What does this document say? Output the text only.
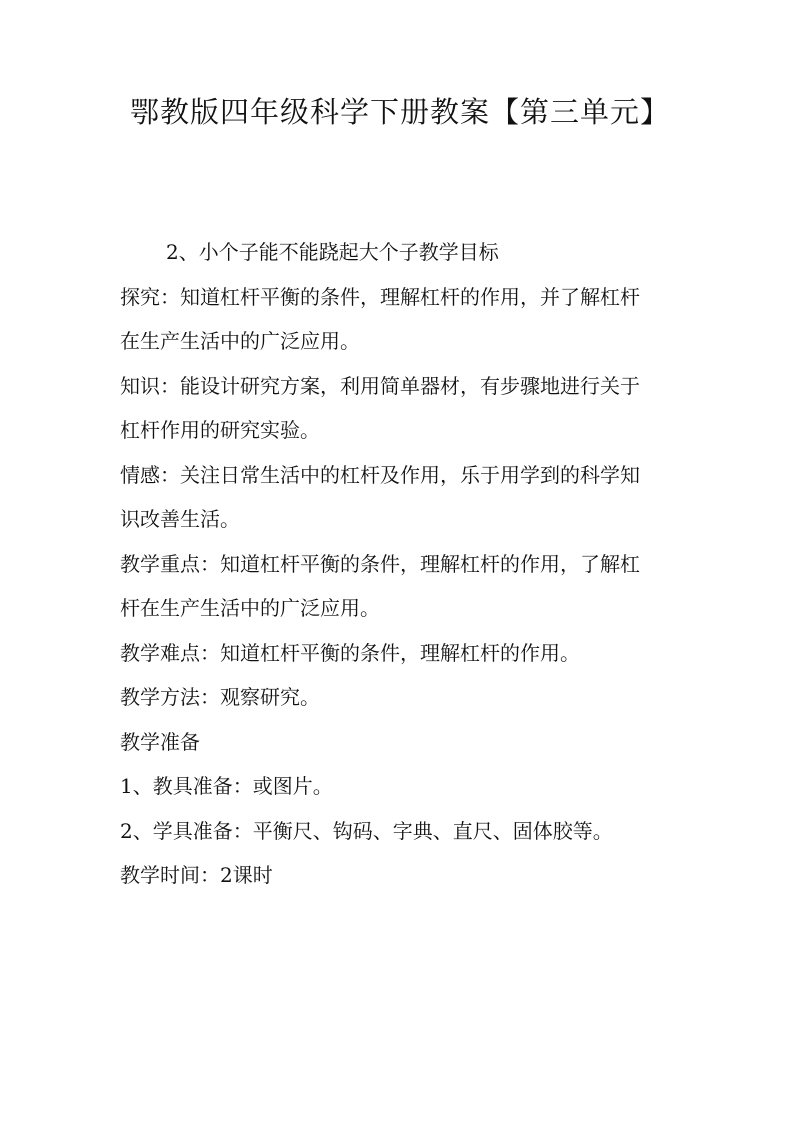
鄂教版四年级科学下册教案【第三单元】

2、小个子能不能跷起大个子教学目标

探究：知道杠杆平衡的条件，理解杠杆的作用，并了解杠杆

在生产生活中的广泛应用。

知识：能设计研究方案，利用简单器材，有步骤地进行关于

杠杆作用的研究实验。

情感：关注日常生活中的杠杆及作用，乐于用学到的科学知

识改善生活。

教学重点：知道杠杆平衡的条件，理解杠杆的作用，了解杠

杆在生产生活中的广泛应用。

教学难点：知道杠杆平衡的条件，理解杠杆的作用。

教学方法：观察研究。

教学准备

1、教具准备：或图片。

2、学具准备：平衡尺、钩码、字典、直尺、固体胶等。

教学时间：2课时
